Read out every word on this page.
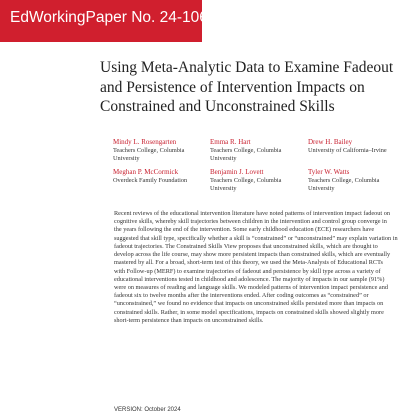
EdWorkingPaper No. 24-1069
Using Meta-Analytic Data to Examine Fadeout
and Persistence of Intervention Impacts on
Constrained and Unconstrained Skills
Mindy L. Rosengarten
Teachers College, Columbia University
Emma R. Hart
Teachers College, Columbia University
Drew H. Bailey
University of California–Irvine
Meghan P. McCormick
Overdeck Family Foundation
Benjamin J. Lovett
Teachers College, Columbia University
Tyler W. Watts
Teachers College, Columbia University
Recent reviews of the educational intervention literature have noted patterns of intervention impact fadeout on
cognitive skills, whereby skill trajectories between children in the intervention and control group converge in
the years following the end of the intervention. Some early childhood education (ECE) researchers have
suggested that skill type, specifically whether a skill is “constrained” or “unconstrained” may explain variation in
fadeout trajectories. The Constrained Skills View proposes that unconstrained skills, which are thought to
develop across the life course, may show more persistent impacts than constrained skills, which are eventually
mastered by all. For a broad, short-term test of this theory, we used the Meta-Analysis of Educational RCTs
with Follow-up (MERF) to examine trajectories of fadeout and persistence by skill type across a variety of
educational interventions tested in childhood and adolescence. The majority of impacts in our sample (91%)
were on measures of reading and language skills. We modeled patterns of intervention impact persistence and
fadeout six to twelve months after the interventions ended. After coding outcomes as “constrained” or
“unconstrained,” we found no evidence that impacts on unconstrained skills persisted more than impacts on
constrained skills. Rather, in some model specifications, impacts on constrained skills showed slightly more
short-term persistence than impacts on unconstrained skills.
VERSION: October 2024
